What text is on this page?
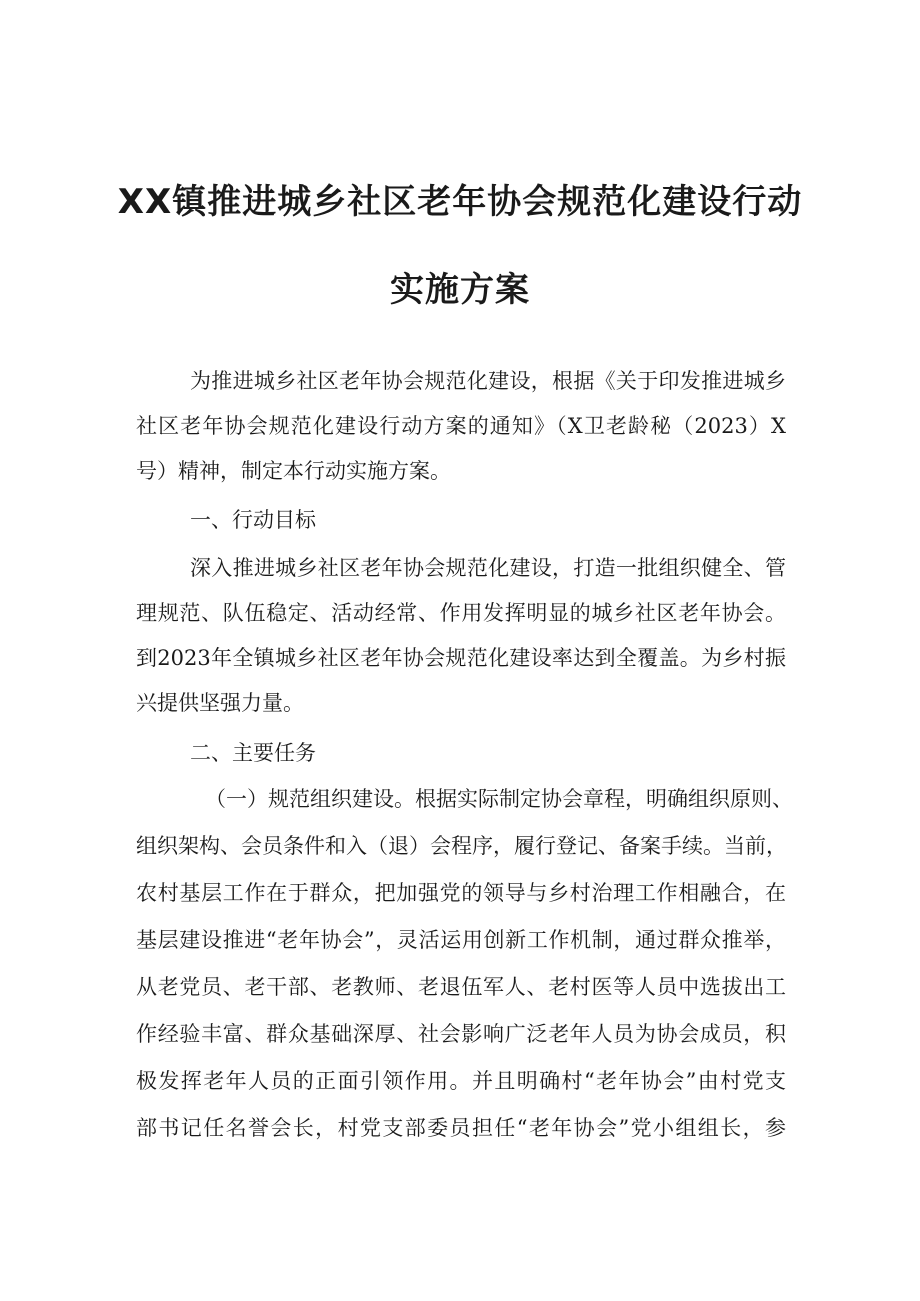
XX镇推进城乡社区老年协会规范化建设行动
实施方案
为推进城乡社区老年协会规范化建设，根据《关于印发推进城乡
社区老年协会规范化建设行动方案的通知》（X卫老龄秘（2023）X
号）精神，制定本行动实施方案。
一、行动目标
深入推进城乡社区老年协会规范化建设，打造一批组织健全、管
理规范、队伍稳定、活动经常、作用发挥明显的城乡社区老年协会。
到2023年全镇城乡社区老年协会规范化建设率达到全覆盖。为乡村振
兴提供坚强力量。
二、主要任务
（一）规范组织建设。根据实际制定协会章程，明确组织原则、
组织架构、会员条件和入（退）会程序，履行登记、备案手续。当前，
农村基层工作在于群众，把加强党的领导与乡村治理工作相融合，在
基层建设推进“老年协会”，灵活运用创新工作机制，通过群众推举，
从老党员、老干部、老教师、老退伍军人、老村医等人员中选拔出工
作经验丰富、群众基础深厚、社会影响广泛老年人员为协会成员，积
极发挥老年人员的正面引领作用。并且明确村“老年协会”由村党支
部书记任名誉会长，村党支部委员担任“老年协会”党小组组长，参
